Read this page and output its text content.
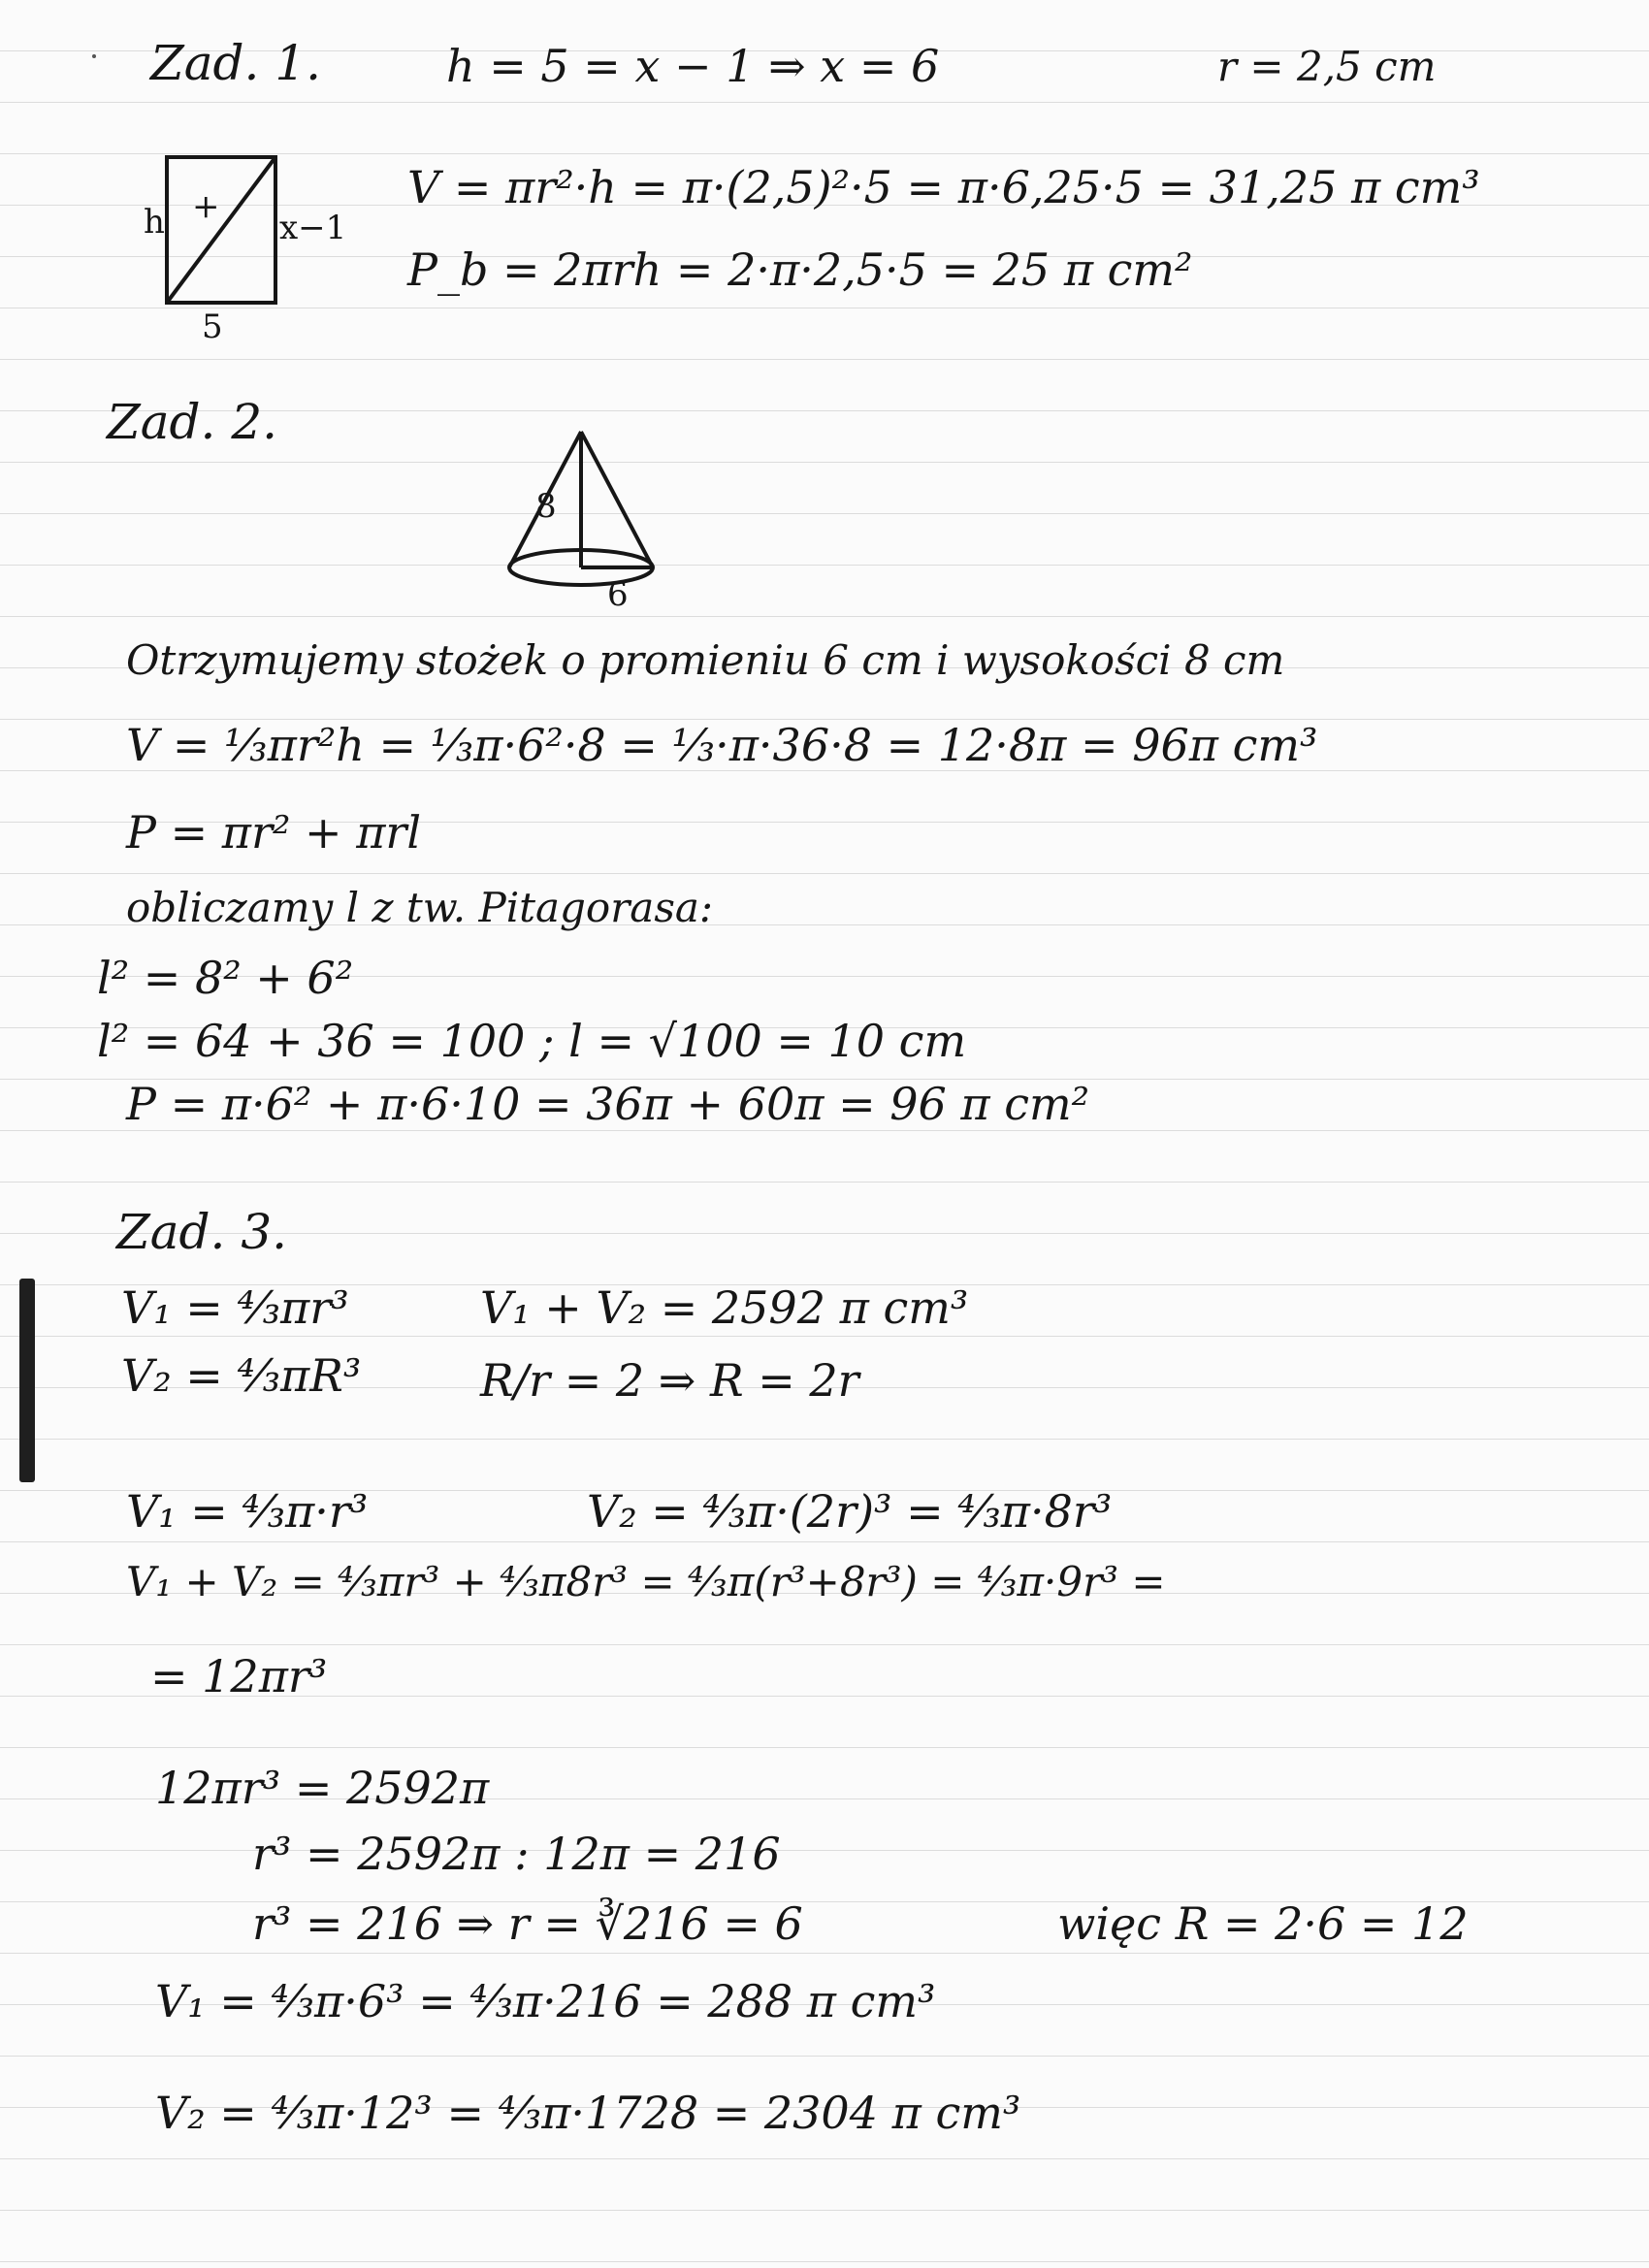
Zad. 1.	h = 5 = x − 1 ⇒ x = 6	r = 2,5 cm
h +
x−1
5
V = πr²·h = π·(2,5)²·5 = π·6,25·5 = 31,25 π cm³
P_b = 2πrh = 2·π·2,5·5 = 25 π cm²
Zad. 2.
8
6
Otrzymujemy stożek o promieniu 6 cm i wysokości 8 cm
V = ⅓πr²h = ⅓π·6²·8 = ⅓·π·36·8 = 12·8π = 96π cm³
P = πr² + πrl
obliczamy l z tw. Pitagorasa:
l² = 8² + 6²
l² = 64 + 36 = 100 ; l = √100 = 10 cm
P = π·6² + π·6·10 = 36π + 60π = 96 π cm²
Zad. 3.
V₁ = ⁴⁄₃πr³	V₁ + V₂ = 2592 π cm³
V₂ = ⁴⁄₃πR³	R/r = 2 ⇒ R = 2r
V₁ = ⁴⁄₃π·r³	V₂ = ⁴⁄₃π·(2r)³ = ⁴⁄₃π·8r³
V₁ + V₂ = ⁴⁄₃πr³ + ⁴⁄₃π8r³ = ⁴⁄₃π(r³+8r³) = ⁴⁄₃π·9r³ =
= 12πr³
12πr³ = 2592π
r³ = 2592π : 12π = 216
r³ = 216 ⇒ r = ∛216 = 6	więc R = 2·6 = 12
V₁ = ⁴⁄₃π·6³ = ⁴⁄₃π·216 = 288 π cm³
V₂ = ⁴⁄₃π·12³ = ⁴⁄₃π·1728 = 2304 π cm³
